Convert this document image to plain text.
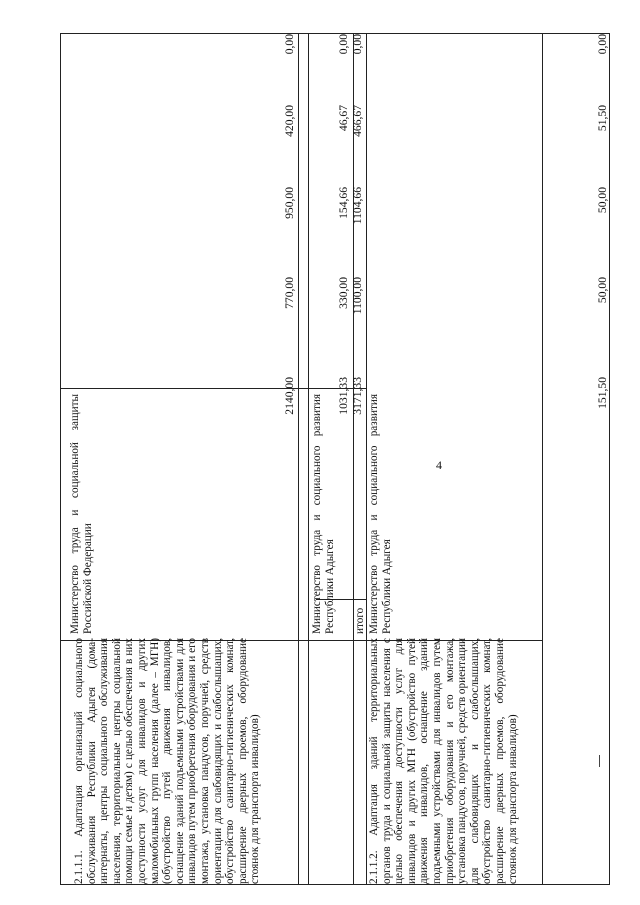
4
2.1.1.1. Адаптация организаций социального обслуживания Республики Адыгея (дома-интернаты, центры социального обслуживания населения, территориальные центры социальной помощи семье и детям) с целью обеспечения в них доступности услуг для инвалидов и других маломобильных групп населения (далее – МГН) (обустройство путей движения инвалидов, оснащение зданий подъемными устройствами для инвалидов путем приобретения оборудования и его монтажа, установка пандусов, поручней, средств ориентации для слабовидящих и слабослышащих, обустройство санитарно-гигиенических комнат, расширение дверных проемов, оборудование стоянок для транспорта инвалидов)
Министерство труда и социальной защиты Российской Федерации	Министерство труда и социального развития Республики Адыгея	итого
2140,00
770,00
950,00
420,00
0,00
1031,33
330,00
154,66
46,67
0,00
3171,33
1100,00
1104,66
466,67
0,00
2.1.1.2. Адаптация зданий территориальных органов труда и социальной защиты населения с целью обеспечения доступности услуг для инвалидов и других МГН (обустройство путей движения инвалидов, оснащение зданий подъемными устройствами для инвалидов путем приобретения оборудования и его монтажа, установка пандусов, поручней, средств ориентации для слабовидящих и слабослышащих, обустройство санитарно-гигиенических комнат, расширение дверных проемов, оборудование стоянок для транспорта инвалидов)
Министерство труда и социального развития Республики Адыгея
151,50
50,00
50,00
51,50
0,00
